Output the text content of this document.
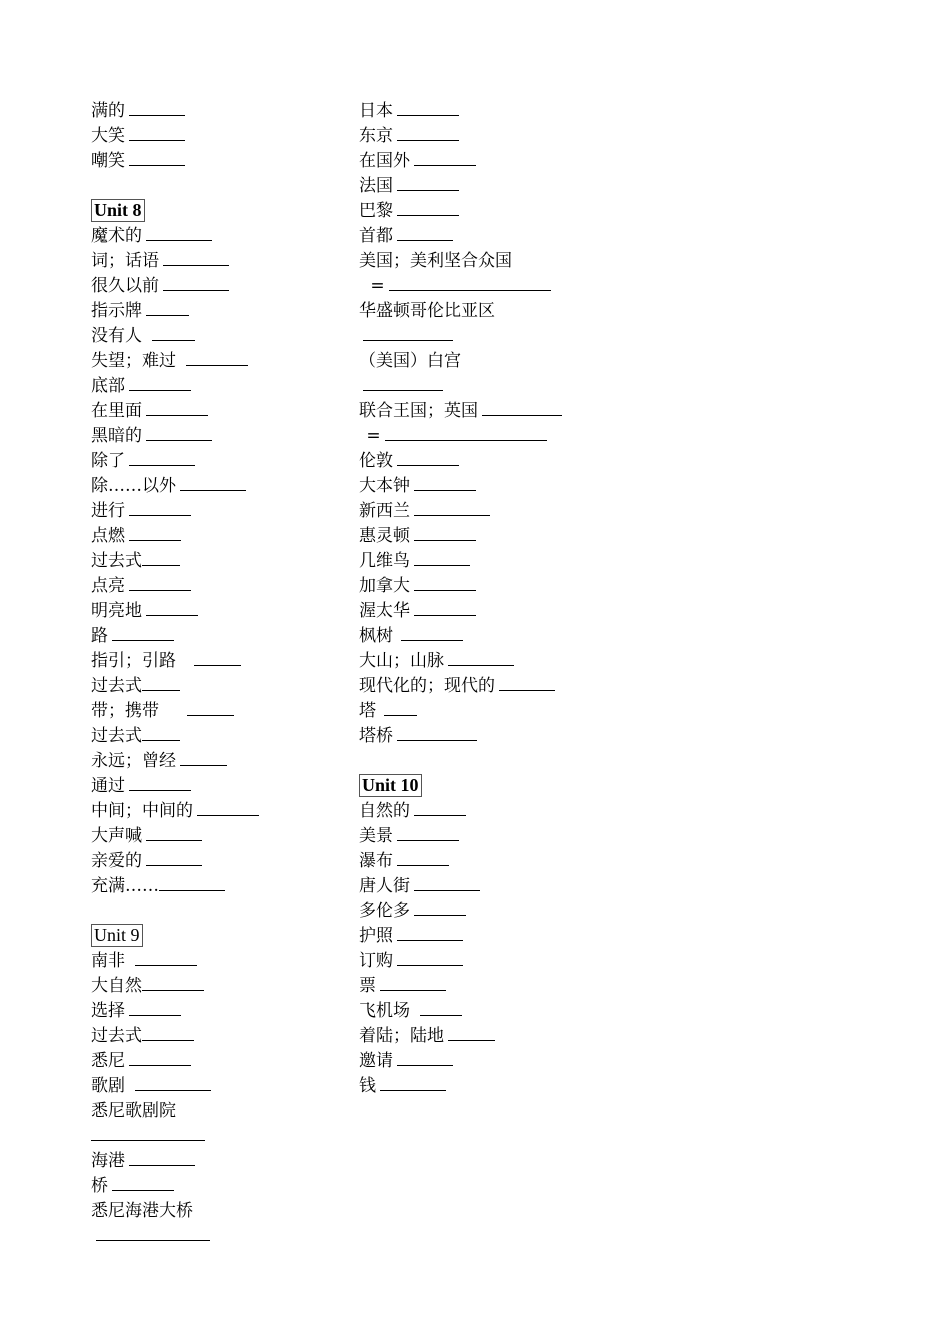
满的
大笑
嘲笑
Unit 8
魔术的
词；话语
很久以前
指示牌
没有人
失望；难过
底部
在里面
黑暗的
除了
除……以外
进行
点燃
过去式
点亮
明亮地
路
指引；引路
过去式
带；携带
过去式
永远；曾经
通过
中间；中间的
大声喊
亲爱的
充满……
Unit 9
南非
大自然
选择
过去式
悉尼
歌剧
悉尼歌剧院
海港
桥
悉尼海港大桥
日本
东京
在国外
法国
巴黎
首都
美国；美利坚合众国
=
华盛顿哥伦比亚区
（美国）白宫
联合王国；英国
=
伦敦
大本钟
新西兰
惠灵顿
几维鸟
加拿大
渥太华
枫树
大山；山脉
现代化的；现代的
塔
塔桥
Unit 10
自然的
美景
瀑布
唐人街
多伦多
护照
订购
票
飞机场
着陆；陆地
邀请
钱
